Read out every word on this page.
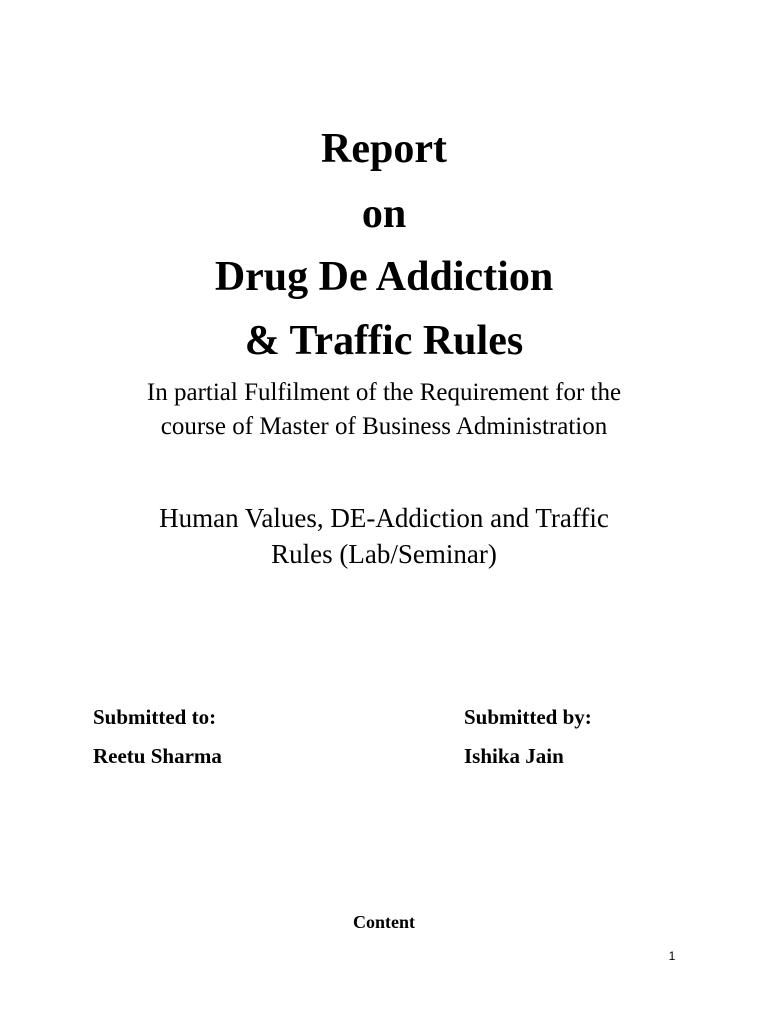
Report
on
Drug De Addiction
& Traffic Rules
In partial Fulfilment of the Requirement for the
course of Master of Business Administration
Human Values, DE-Addiction and Traffic
Rules (Lab/Seminar)
Submitted to:
Reetu Sharma
Submitted by:
Ishika Jain
Content
1
